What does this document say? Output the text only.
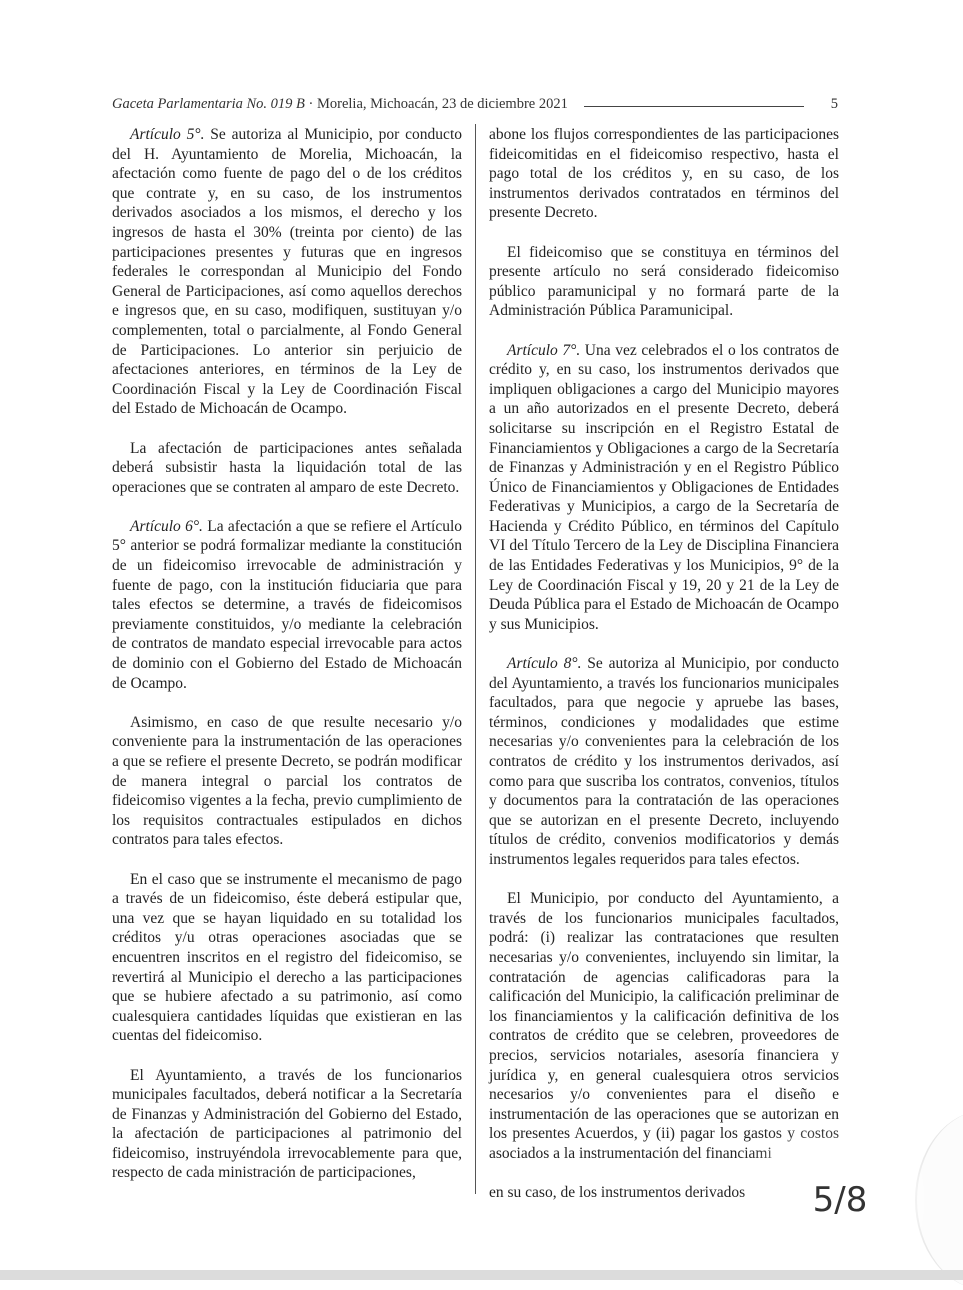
Gaceta Parlamentaria No. 019 B · Morelia, Michoacán, 23 de diciembre 2021	5

Artículo 5°. Se autoriza al Municipio, por conducto del H. Ayuntamiento de Morelia, Michoacán, la afectación como fuente de pago del o de los créditos que contrate y, en su caso, de los instrumentos derivados asociados a los mismos, el derecho y los ingresos de hasta el 30% (treinta por ciento) de las participaciones presentes y futuras que en ingresos federales le correspondan al Municipio del Fondo General de Participaciones, así como aquellos derechos e ingresos que, en su caso, modifiquen, sustituyan y/o complementen, total o parcialmente, al Fondo General de Participaciones. Lo anterior sin perjuicio de afectaciones anteriores, en términos de la Ley de Coordinación Fiscal y la Ley de Coordinación Fiscal del Estado de Michoacán de Ocampo.

La afectación de participaciones antes señalada deberá subsistir hasta la liquidación total de las operaciones que se contraten al amparo de este Decreto.

Artículo 6°. La afectación a que se refiere el Artículo 5° anterior se podrá formalizar mediante la constitución de un fideicomiso irrevocable de administración y fuente de pago, con la institución fiduciaria que para tales efectos se determine, a través de fideicomisos previamente constituidos, y/o mediante la celebración de contratos de mandato especial irrevocable para actos de dominio con el Gobierno del Estado de Michoacán de Ocampo.

Asimismo, en caso de que resulte necesario y/o conveniente para la instrumentación de las operaciones a que se refiere el presente Decreto, se podrán modificar de manera integral o parcial los contratos de fideicomiso vigentes a la fecha, previo cumplimiento de los requisitos contractuales estipulados en dichos contratos para tales efectos.

En el caso que se instrumente el mecanismo de pago a través de un fideicomiso, éste deberá estipular que, una vez que se hayan liquidado en su totalidad los créditos y/u otras operaciones asociadas que se encuentren inscritos en el registro del fideicomiso, se revertirá al Municipio el derecho a las participaciones que se hubiere afectado a su patrimonio, así como cualesquiera cantidades líquidas que existieran en las cuentas del fideicomiso.

El Ayuntamiento, a través de los funcionarios municipales facultados, deberá notificar a la Secretaría de Finanzas y Administración del Gobierno del Estado, la afectación de participaciones al patrimonio del fideicomiso, instruyéndola irrevocablemente para que, respecto de cada ministración de participaciones,

abone los flujos correspondientes de las participaciones fideicomitidas en el fideicomiso respectivo, hasta el pago total de los créditos y, en su caso, de los instrumentos derivados contratados en términos del presente Decreto.

El fideicomiso que se constituya en términos del presente artículo no será considerado fideicomiso público paramunicipal y no formará parte de la Administración Pública Paramunicipal.

Artículo 7°. Una vez celebrados el o los contratos de crédito y, en su caso, los instrumentos derivados que impliquen obligaciones a cargo del Municipio mayores a un año autorizados en el presente Decreto, deberá solicitarse su inscripción en el Registro Estatal de Financiamientos y Obligaciones a cargo de la Secretaría de Finanzas y Administración y en el Registro Público Único de Financiamientos y Obligaciones de Entidades Federativas y Municipios, a cargo de la Secretaría de Hacienda y Crédito Público, en términos del Capítulo VI del Título Tercero de la Ley de Disciplina Financiera de las Entidades Federativas y los Municipios, 9° de la Ley de Coordinación Fiscal y 19, 20 y 21 de la Ley de Deuda Pública para el Estado de Michoacán de Ocampo y sus Municipios.

Artículo 8°. Se autoriza al Municipio, por conducto del Ayuntamiento, a través los funcionarios municipales facultados, para que negocie y apruebe las bases, términos, condiciones y modalidades que estime necesarias y/o convenientes para la celebración de los contratos de crédito y los instrumentos derivados, así como para que suscriba los contratos, convenios, títulos y documentos para la contratación de las operaciones que se autorizan en el presente Decreto, incluyendo títulos de crédito, convenios modificatorios y demás instrumentos legales requeridos para tales efectos.

El Municipio, por conducto del Ayuntamiento, a través de los funcionarios municipales facultados, podrá: (i) realizar las contrataciones que resulten necesarias y/o convenientes, incluyendo sin limitar, la contratación de agencias calificadoras para la calificación del Municipio, la calificación preliminar de los financiamientos y la calificación definitiva de los contratos de crédito que se celebren, proveedores de precios, servicios notariales, asesoría financiera y jurídica y, en general cualesquiera otros servicios necesarios y/o convenientes para el diseño e instrumentación de las operaciones que se autorizan en los presentes Acuerdos, y (ii) pagar los gastos y costos asociados a la instrumentación del financiami

en su caso, de los instrumentos derivados	5/8
